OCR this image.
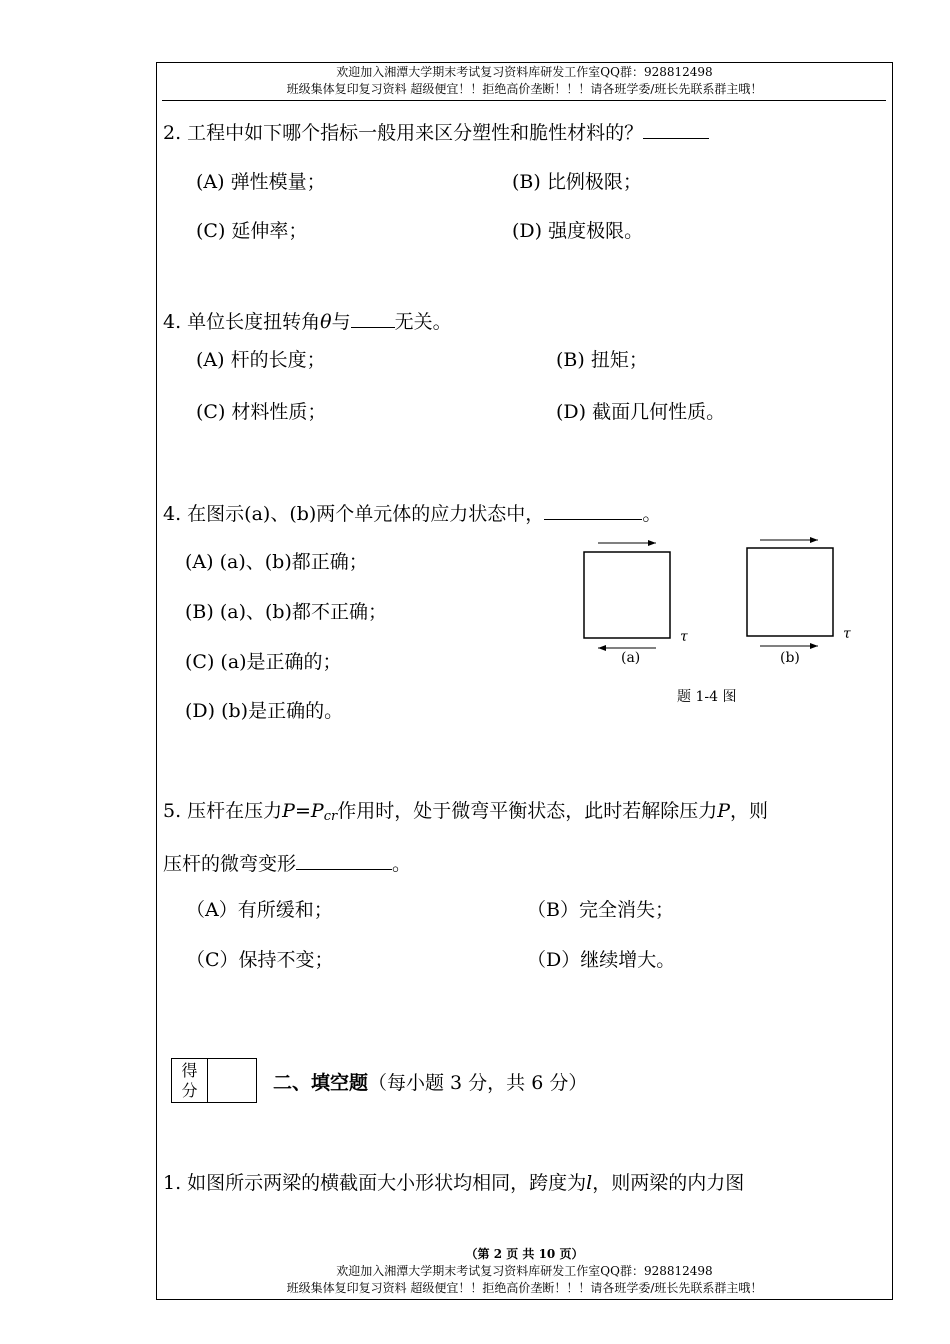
欢迎加入湘潭大学期末考试复习资料库研发工作室QQ群：928812498
班级集体复印复习资料 超级便宜！！拒绝高价垄断！！！请各班学委/班长先联系群主哦！
2. 工程中如下哪个指标一般用来区分塑性和脆性材料的？
(A) 弹性模量；	(B) 比例极限；
(C) 延伸率；	(D) 强度极限。
4. 单位长度扭转角θ与 无关。
(A) 杆的长度；	(B) 扭矩；
(C) 材料性质；	(D) 截面几何性质。
4. 在图示(a)、(b)两个单元体的应力状态中，	。
(A) (a)、(b)都正确；
(B) (a)、(b)都不正确；
(C) (a)是正确的；
(D) (b)是正确的。
τ
(a)
τ
(b)
题 1-4 图
5. 压杆在压力$P=P_{cr}$作用时，处于微弯平衡状态，此时若解除压力P，则
压杆的微弯变形	。
（A）有所缓和；	（B）完全消失；
（C）保持不变；	（D）继续增大。
得
分	二、填空题（每小题 3 分，共 6 分）
1. 如图所示两梁的横截面大小形状均相同，跨度为l，则两梁的内力图
（第 2 页 共 10 页）
欢迎加入湘潭大学期末考试复习资料库研发工作室QQ群：928812498
班级集体复印复习资料 超级便宜！！拒绝高价垄断！！！请各班学委/班长先联系群主哦！
